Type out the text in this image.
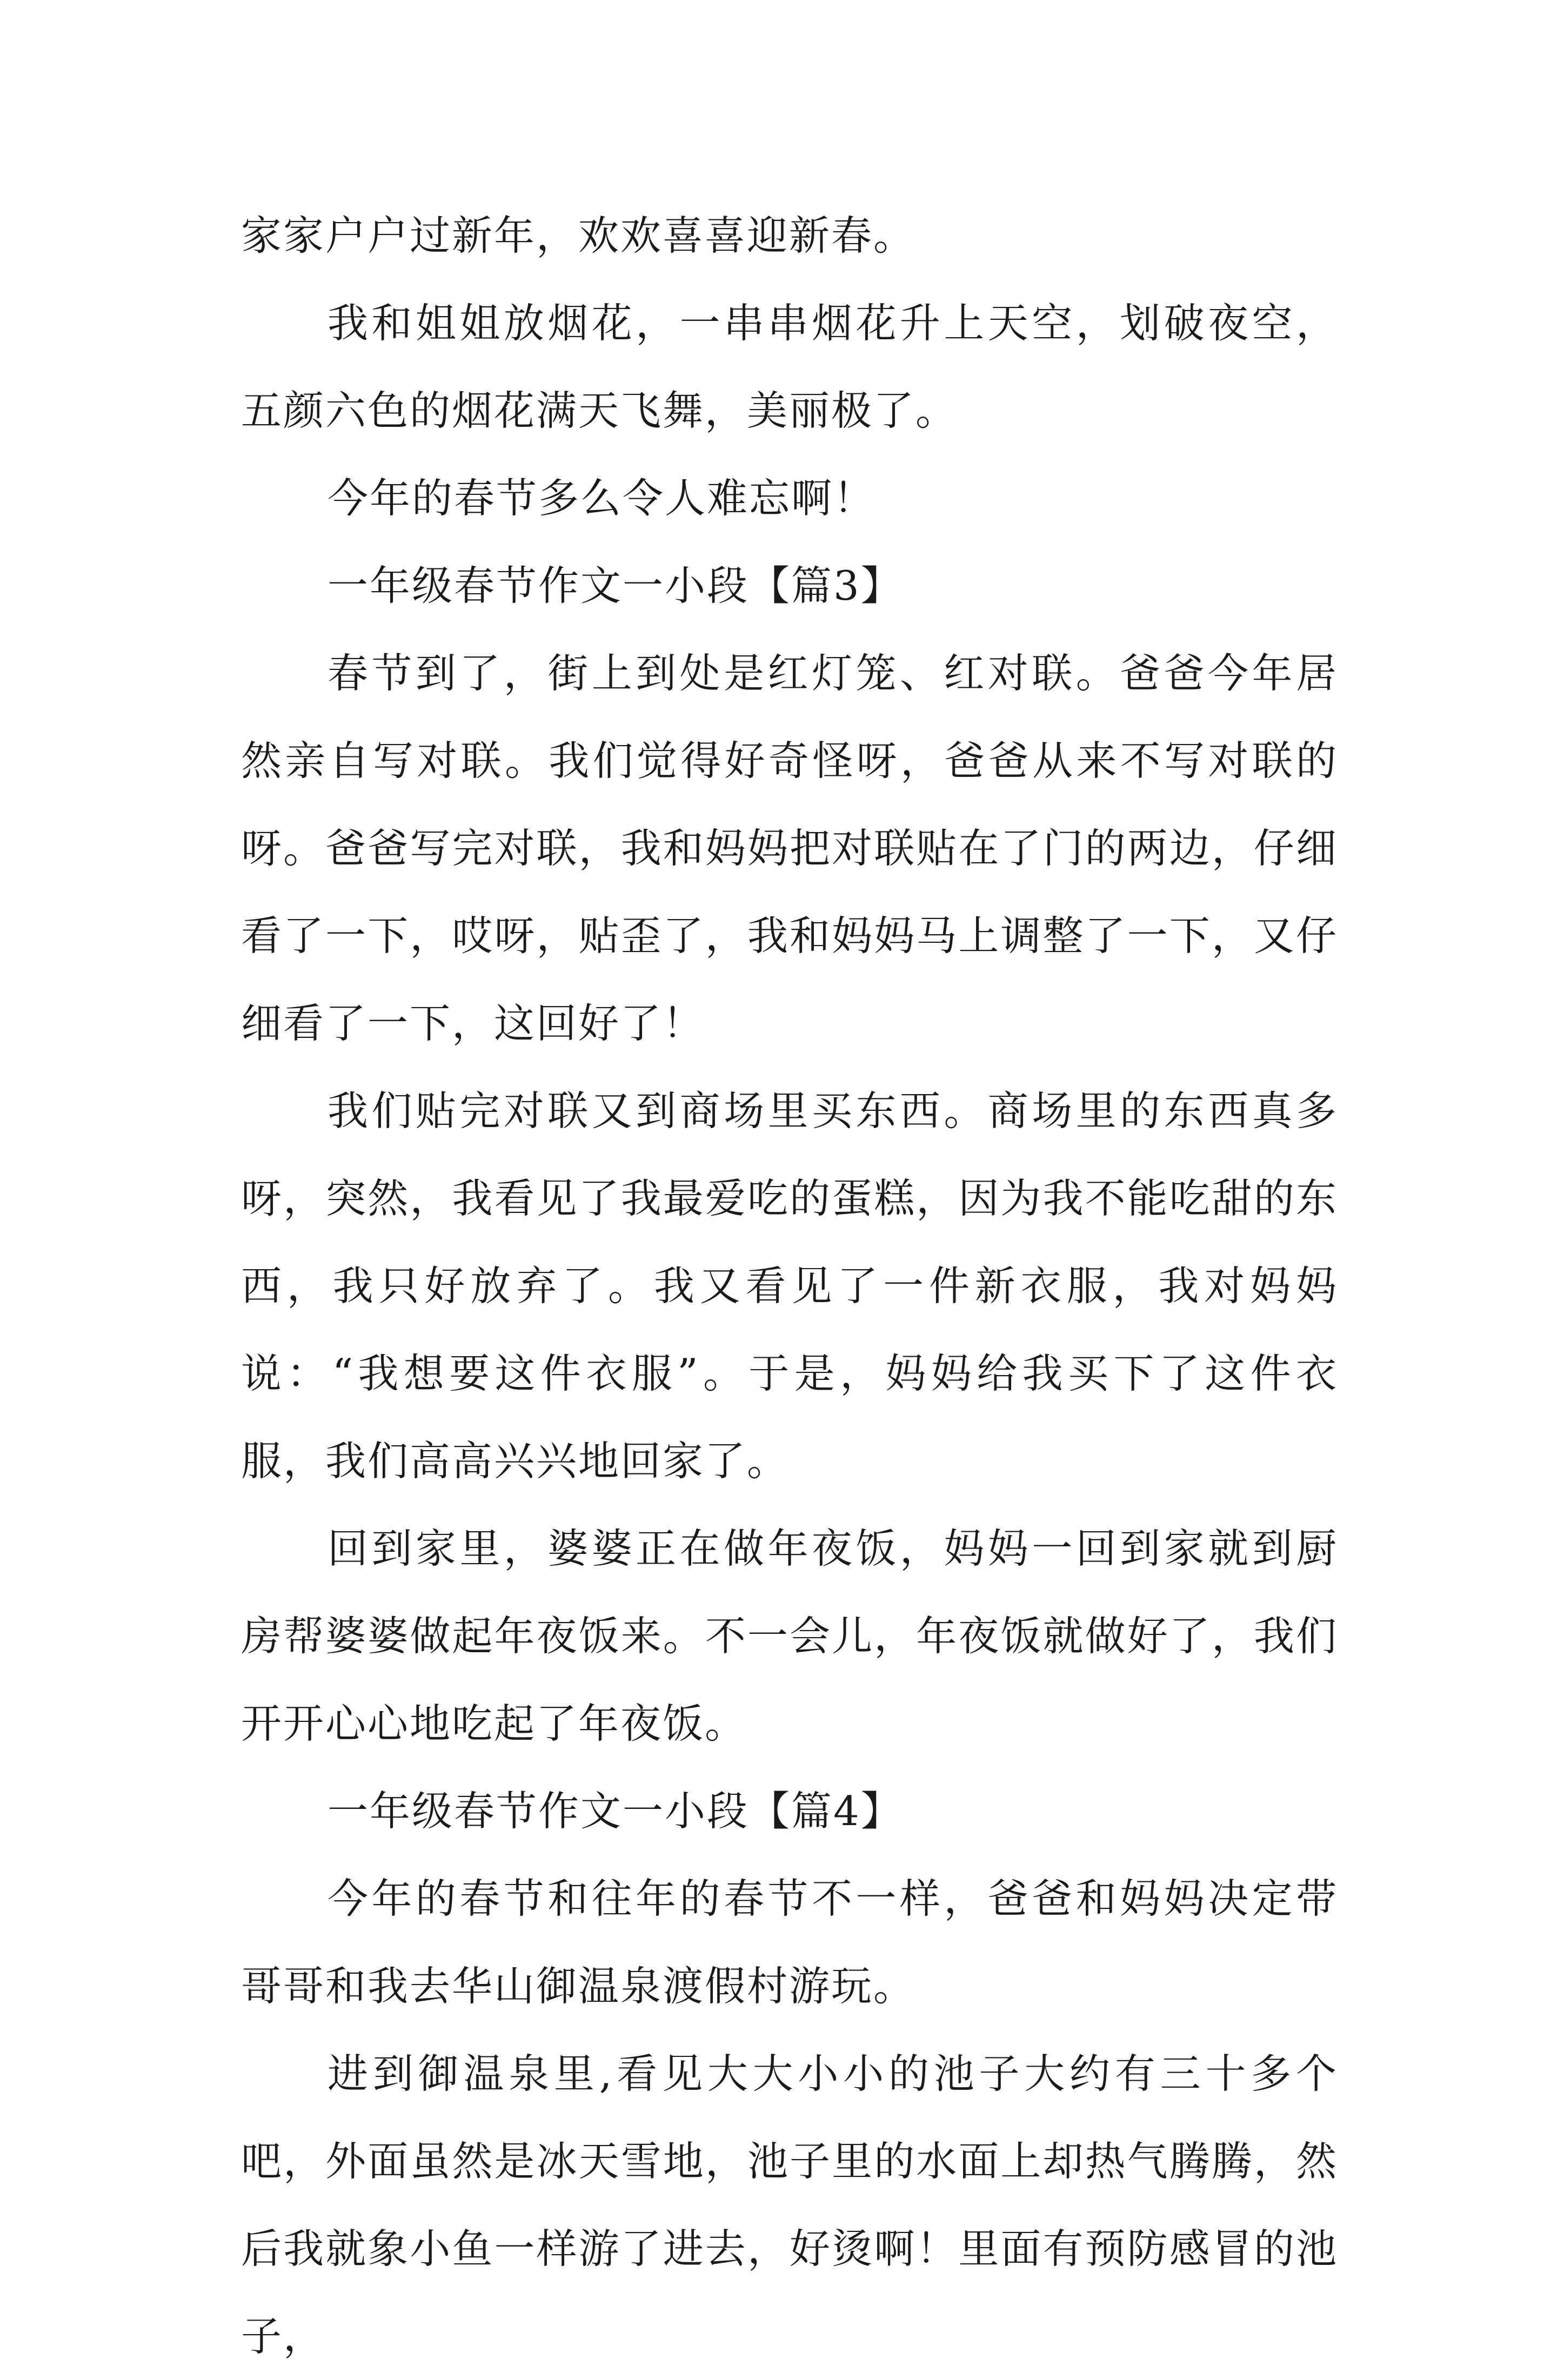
家家户户过新年，欢欢喜喜迎新春。

我和姐姐放烟花，一串串烟花升上天空，划破夜空，五颜六色的烟花满天飞舞，美丽极了。

今年的春节多么令人难忘啊！

一年级春节作文一小段【篇3】

春节到了，街上到处是红灯笼、红对联。爸爸今年居然亲自写对联。我们觉得好奇怪呀，爸爸从来不写对联的呀。爸爸写完对联，我和妈妈把对联贴在了门的两边，仔细看了一下，哎呀，贴歪了，我和妈妈马上调整了一下，又仔细看了一下，这回好了！

我们贴完对联又到商场里买东西。商场里的东西真多呀，突然，我看见了我最爱吃的蛋糕，因为我不能吃甜的东西，我只好放弃了。我又看见了一件新衣服，我对妈妈说：“我想要这件衣服”。于是，妈妈给我买下了这件衣服，我们高高兴兴地回家了。

回到家里，婆婆正在做年夜饭，妈妈一回到家就到厨房帮婆婆做起年夜饭来。不一会儿，年夜饭就做好了，我们开开心心地吃起了年夜饭。

一年级春节作文一小段【篇4】

今年的春节和往年的春节不一样，爸爸和妈妈决定带哥哥和我去华山御温泉渡假村游玩。

进到御温泉里,看见大大小小的池子大约有三十多个吧，外面虽然是冰天雪地，池子里的水面上却热气腾腾，然后我就象小鱼一样游了进去，好烫啊！里面有预防感冒的池子，
